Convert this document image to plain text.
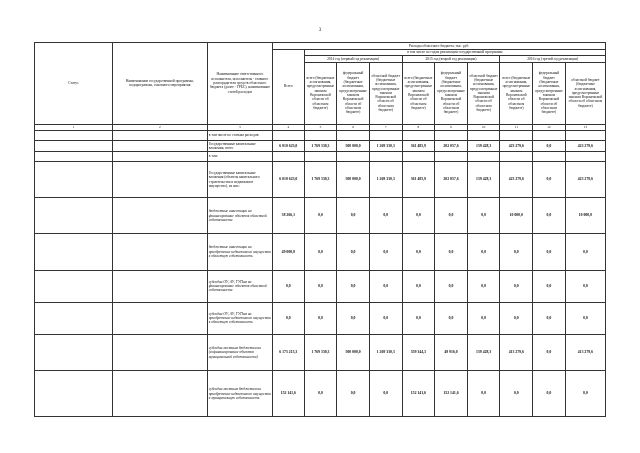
3
Статус	Наименование государственной программы, подпрограммы, основного мероприятия	Наименование ответственного исполнителя, исполнителя - главного распорядителя средств областного бюджета (далее - ГРБС), наименование статей расходов	Расходы областного бюджета, тыс. руб.									
			Всего	в том числе по годам реализации государственной программы								
				2014 год (первый год реализации)			2015 год (второй год реализации)			2016 год (третий год реализации)		
				всего (бюджетные ассигнования, предусмотренные законом Воронежской области об областном бюджете)	федеральный бюджет (бюджетные ассигнования, предусмотренные законом Воронежской области об областном бюджете)	областной бюджет (бюджетные ассигнования, предусмотренные законом Воронежской области об областном бюджете)	всего (бюджетные ассигнования, предусмотренные законом Воронежской области об областном бюджете)	федеральный бюджет (бюджетные ассигнования, предусмотренные законом Воронежской области об областном бюджете)	областной бюджет (бюджетные ассигнования, предусмотренные законом Воронежской области об областном бюджете)	всего (бюджетные ассигнования, предусмотренные законом Воронежской области об областном бюджете)	федеральный бюджет (бюджетные ассигнования, предусмотренные законом Воронежской области об областном бюджете)	областной бюджет (бюджетные ассигнования, предусмотренные законом Воронежской области об областном бюджете)
1	2	3	4	5	6	7	8	9	10	11	12	13
		в том числе по статьям расходов:										
		Государственные капитальные вложения, всего	6 010 623,0	1 769 330,3	500 000,0	1 269 330,3	361 485,9	202 057,6	159 428,3	423 279,6	0,0	423 279,6
		в том:										
		Государственные капитальные вложения (объекты капитального строительства и недвижимое имущество), из них:	6 010 623,0	1 769 330,3	500 000,0	1 269 330,3	361 485,9	202 057,6	159 428,3	423 279,6	0,0	423 279,6
		бюджетные инвестиции на финансирование объектов областной собственности	38 266,1	0,0	0,0	0,0	0,0	0,0	0,0	10 000,0	0,0	10 000,0
		бюджетные инвестиции на приобретение недвижимого имущества в областную собственность	49 000,0	0,0	0,0	0,0	0,0	0,0	0,0	0,0	0,0	0,0
		субсидии ОУ, АУ, ГУПам на финансирование объектов областной собственности	0,0	0,0	0,0	0,0	0,0	0,0	0,0	0,0	0,0	0,0
		субсидии ОУ, АУ, ГУПам на приобретение недвижимого имущества в областную собственность	0,0	0,0	0,0	0,0	0,0	0,0	0,0	0,0	0,0	0,0
		субсидии местным бюджетам на (софинансирование объектов муниципальной собственности)	6 175 215,3	1 769 330,3	500 000,0	1 269 330,3	359 344,3	49 916,0	159 428,3	413 279,6	0,0	413 279,6
		субсидии местным бюджетам на приобретение недвижимого имущества в муниципальную собственность	152 141,6	0,0	0,0	0,0	152 141,6	152 141,6	0,0	0,0	0,0	0,0
